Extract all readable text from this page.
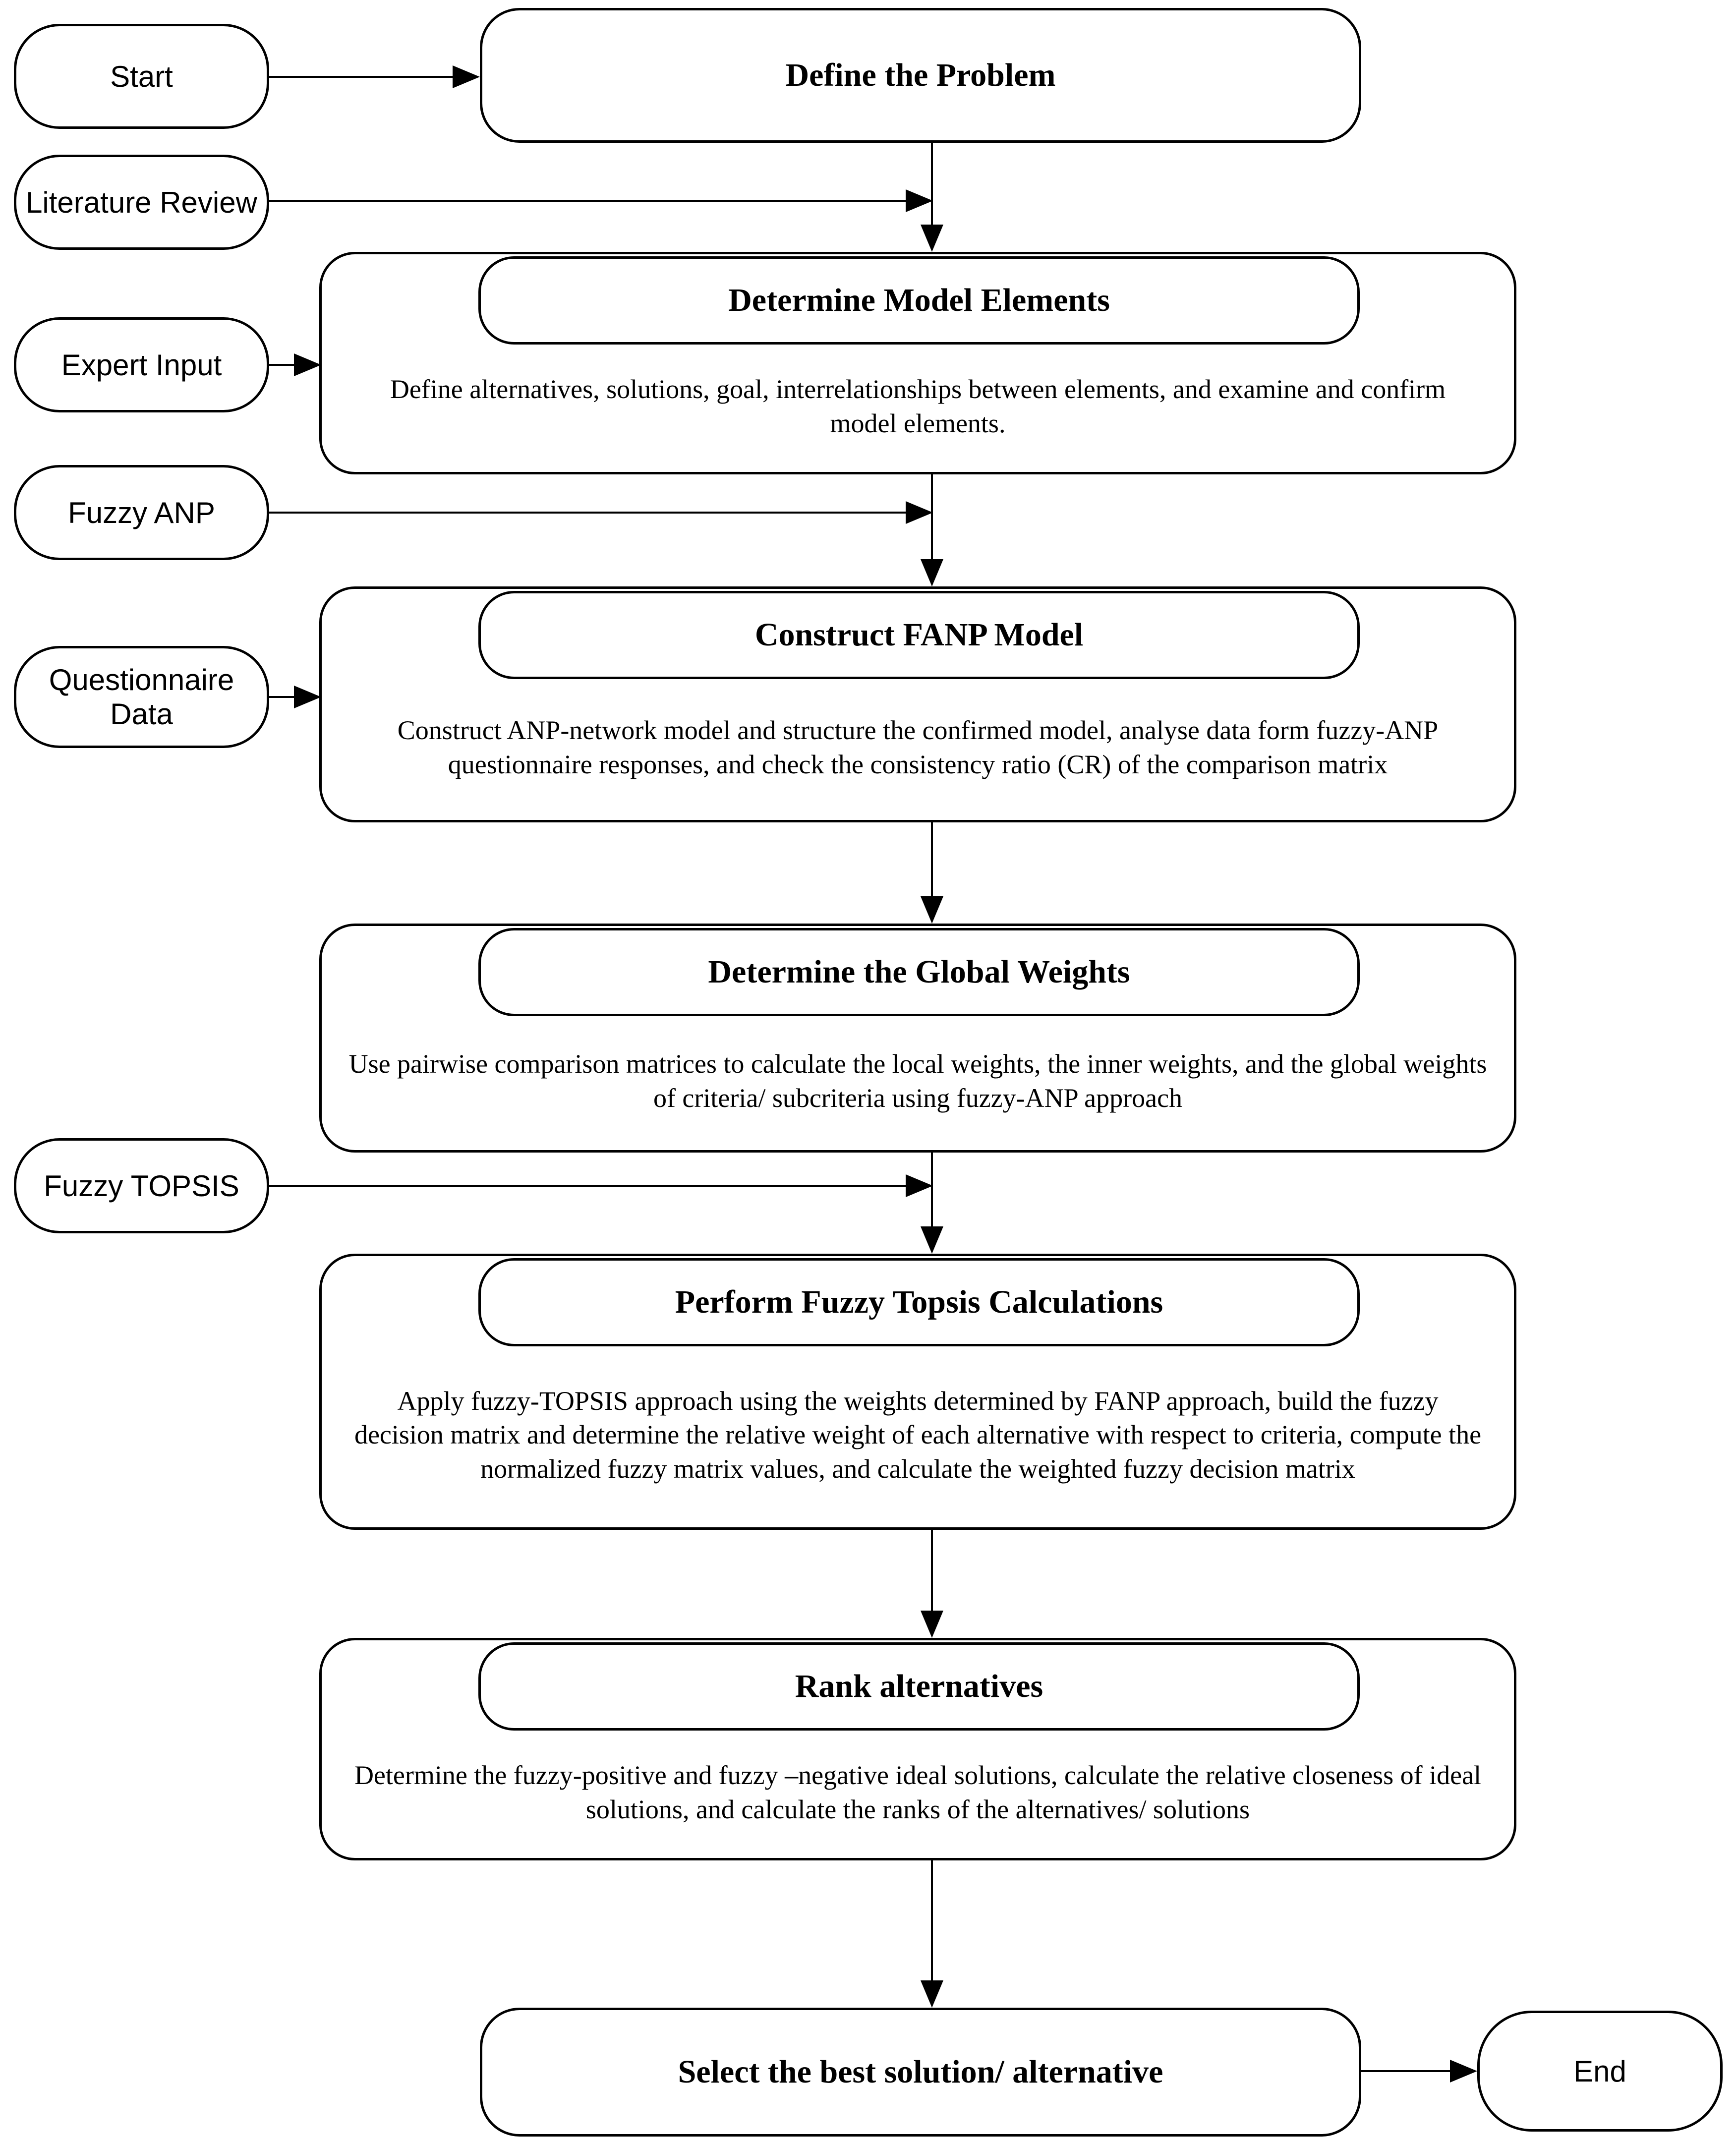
Start
Literature Review
Expert Input
Fuzzy ANP
Questionnaire Data
Fuzzy TOPSIS
End
Define the Problem
Determine Model Elements
Define alternatives, solutions, goal, interrelationships between elements, and examine and confirm model elements.
Construct FANP Model
Construct ANP-network model and structure the confirmed model, analyse data form fuzzy-ANP questionnaire responses, and check the consistency ratio (CR) of the comparison matrix
Determine the Global Weights
Use pairwise comparison matrices to calculate the local weights, the inner weights, and the global weights of criteria/ subcriteria using fuzzy-ANP approach
Perform Fuzzy Topsis Calculations
Apply fuzzy-TOPSIS approach using the weights determined by FANP approach, build the fuzzy decision matrix and determine the relative weight of each alternative with respect to criteria, compute the normalized fuzzy matrix values, and calculate the weighted fuzzy decision matrix
Rank alternatives
Determine the fuzzy-positive and fuzzy –negative ideal solutions, calculate the relative closeness of ideal solutions, and calculate the ranks of the alternatives/ solutions
Select the best solution/ alternative
